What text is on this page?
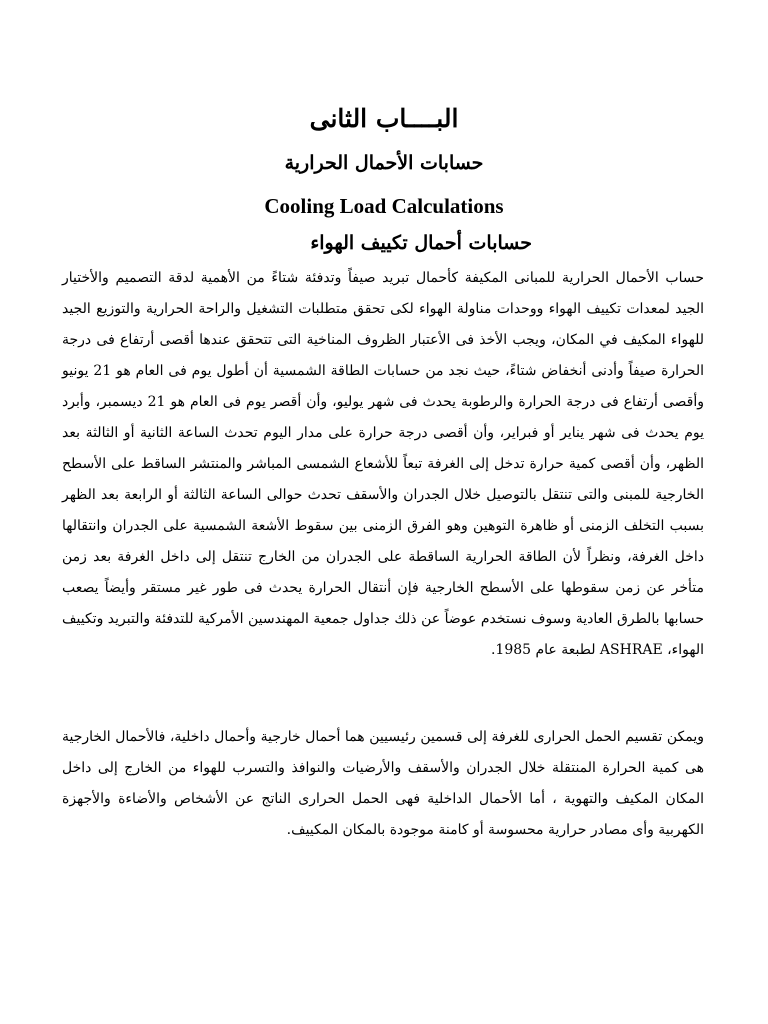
البــــاب الثانى
حسابات الأحمال الحرارية
Cooling Load Calculations
حسابات أحمال تكييف الهواء

حساب الأحمال الحرارية للمبانى المكيفة كأحمال تبريد صيفاً وتدفئة شتاءً من الأهمية لدقة التصميم والأختيار الجيد لمعدات تكييف الهواء ووحدات مناولة الهواء لكى تحقق متطلبات التشغيل والراحة الحرارية والتوزيع الجيد للهواء المكيف في المكان، ويجب الأخذ فى الأعتبار الظروف المناخية التى تتحقق عندها أقصى أرتفاع فى درجة الحرارة صيفاً وأدنى أنخفاض شتاءً، حيث نجد من حسابات الطاقة الشمسية أن أطول يوم فى العام هو 21 يونيو وأقصى أرتفاع فى درجة الحرارة والرطوبة يحدث فى شهر يوليو، وأن أقصر يوم فى العام هو 21 ديسمبر، وأبرد يوم يحدث فى شهر يناير أو فبراير، وأن أقصى درجة حرارة على مدار اليوم تحدث الساعة الثانية أو الثالثة بعد الظهر، وأن أقصى كمية حرارة تدخل إلى الغرفة تبعاً للأشعاع الشمسى المباشر والمنتشر الساقط على الأسطح الخارجية للمبنى والتى تنتقل بالتوصيل خلال الجدران والأسقف تحدث حوالى الساعة الثالثة أو الرابعة بعد الظهر بسبب التخلف الزمنى أو ظاهرة التوهين وهو الفرق الزمنى بين سقوط الأشعة الشمسية على الجدران وانتقالها داخل الغرفة، ونظراً لأن الطاقة الحرارية الساقطة على الجدران من الخارج تنتقل إلى داخل الغرفة بعد زمن متأخر عن زمن سقوطها على الأسطح الخارجية فإن أنتقال الحرارة يحدث فى طور غير مستقر وأيضاً يصعب حسابها بالطرق العادية وسوف نستخدم عوضاً عن ذلك جداول جمعية المهندسين الأمركية للتدفئة والتبريد وتكييف الهواء، ASHRAE لطبعة عام 1985.

ويمكن تقسيم الحمل الحرارى للغرفة إلى قسمين رئيسيين هما أحمال خارجية وأحمال داخلية، فالأحمال الخارجية هى كمية الحرارة المنتقلة خلال الجدران والأسقف والأرضيات والنوافذ والتسرب للهواء من الخارج إلى داخل المكان المكيف والتهوية ، أما الأحمال الداخلية فهى الحمل الحرارى الناتج عن الأشخاص والأضاءة والأجهزة الكهربية وأى مصادر حرارية محسوسة أو كامنة موجودة بالمكان المكييف.
